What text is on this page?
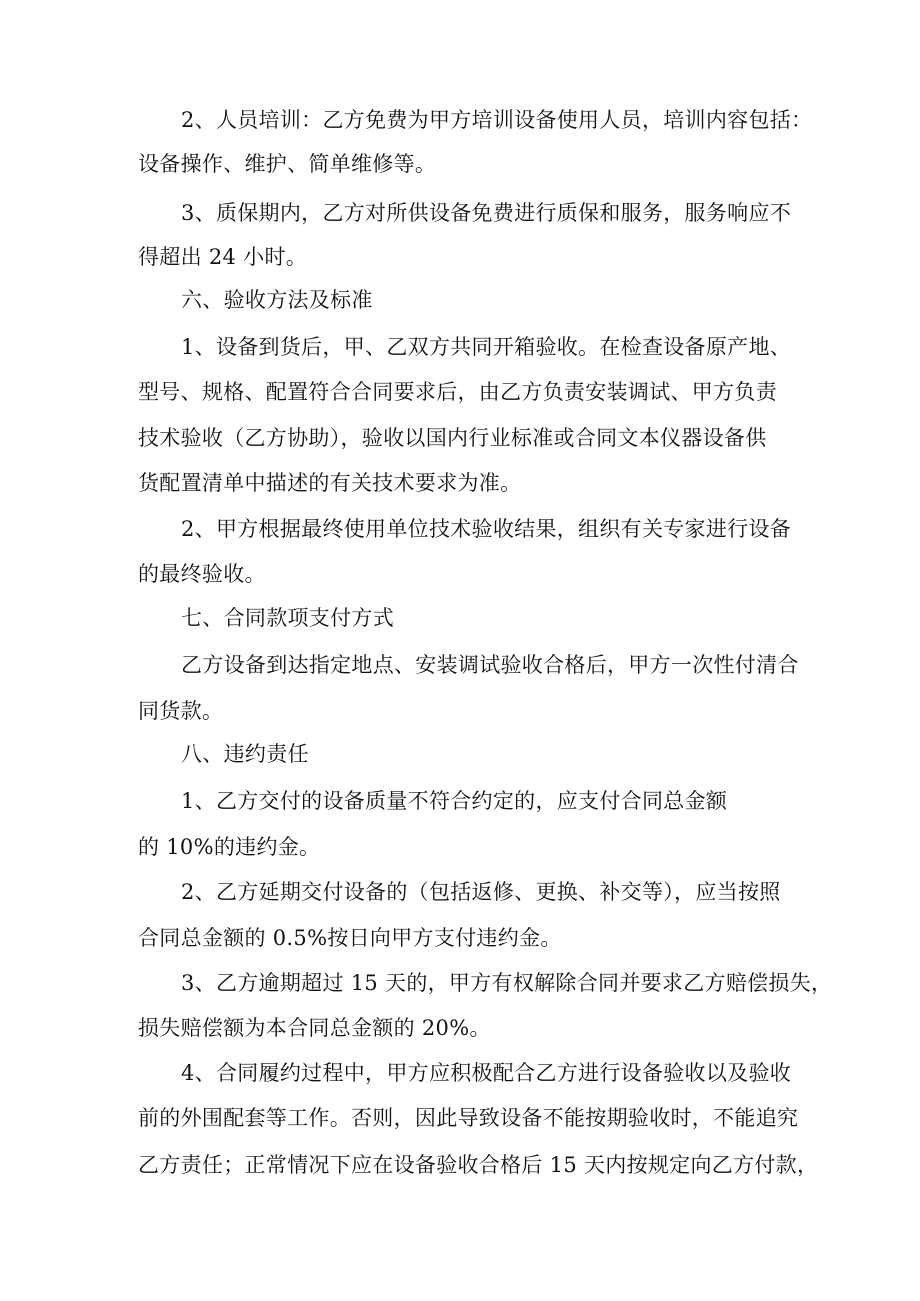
2、人员培训：乙方免费为甲方培训设备使用人员，培训内容包括：
设备操作、维护、简单维修等。
3、质保期内，乙方对所供设备免费进行质保和服务，服务响应不
得超出 24 小时。
六、验收方法及标准
1、设备到货后，甲、乙双方共同开箱验收。在检查设备原产地、
型号、规格、配置符合合同要求后，由乙方负责安装调试、甲方负责
技术验收（乙方协助），验收以国内行业标准或合同文本仪器设备供
货配置清单中描述的有关技术要求为准。
2、甲方根据最终使用单位技术验收结果，组织有关专家进行设备
的最终验收。
七、合同款项支付方式
乙方设备到达指定地点、安装调试验收合格后，甲方一次性付清合
同货款。
八、违约责任
1、乙方交付的设备质量不符合约定的，应支付合同总金额
的 10%的违约金。
2、乙方延期交付设备的（包括返修、更换、补交等），应当按照
合同总金额的 0.5%按日向甲方支付违约金。
3、乙方逾期超过 15 天的，甲方有权解除合同并要求乙方赔偿损失，
损失赔偿额为本合同总金额的 20%。
4、合同履约过程中，甲方应积极配合乙方进行设备验收以及验收
前的外围配套等工作。否则，因此导致设备不能按期验收时，不能追究
乙方责任；正常情况下应在设备验收合格后 15 天内按规定向乙方付款，
